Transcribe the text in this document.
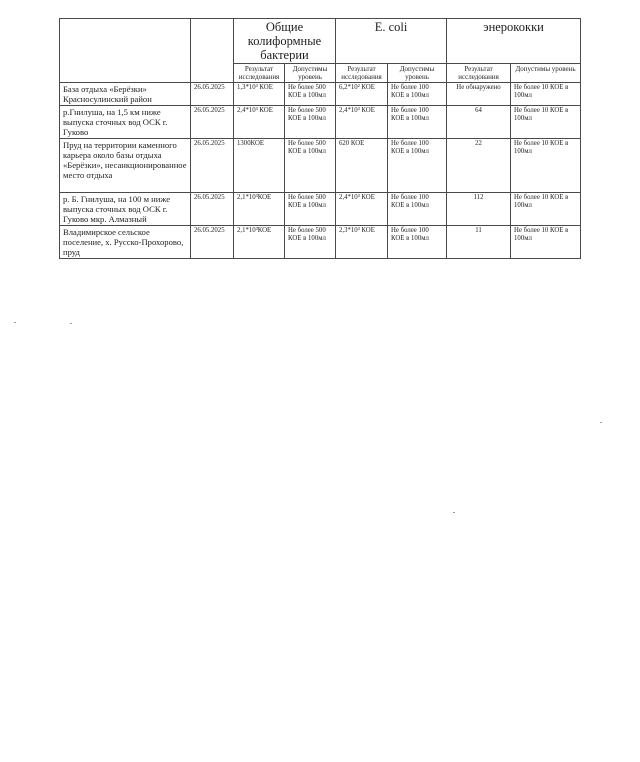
		Общие колиформные бактерии		E. coli		энерококки	
		Результат исследования	Допустимы уровень	Результат исследования	Допустимы уровень	Результат исследования	Допустимы уровень
База отдыха «Берёзки» Красносулинский район	26.05.2025	1,3*10³ КОЕ	Не более 500 КОЕ в 100мл	6,2*10² КОЕ	Не более 100 КОЕ в 100мл	Не обнаружено	Не более 10 КОЕ в 100мл
р.Гнилуша, на 1,5 км ниже выпуска сточных вод ОСК г. Гуково	26.05.2025	2,4*10³ КОЕ	Не более 500 КОЕ в 100мл	2,4*10³ КОЕ	Не более 100 КОЕ в 100мл	64	Не более 10 КОЕ в 100мл
Пруд на территории каменного карьера около базы отдыха «Берёзки», несанкционированное место отдыха	26.05.2025	1300КОЕ	Не более 500 КОЕ в 100мл	620 КОЕ	Не более 100 КОЕ в 100мл	22	Не более 10 КОЕ в 100мл
р. Б. Гнилуша, на 100 м ниже выпуска сточных вод ОСК г. Гуково мкр. Алмазный	26.05.2025	2,1*10³КОЕ	Не более 500 КОЕ в 100мл	2,4*10³ КОЕ	Не более 100 КОЕ в 100мл	112	Не более 10 КОЕ в 100мл
Владимирское сельское поселение, х. Русско-Прохорово, пруд	26.05.2025	2,1*10³КОЕ	Не более 500 КОЕ в 100мл	2,3*10³ КОЕ	Не более 100 КОЕ в 100мл	11	Не более 10 КОЕ в 100мл
